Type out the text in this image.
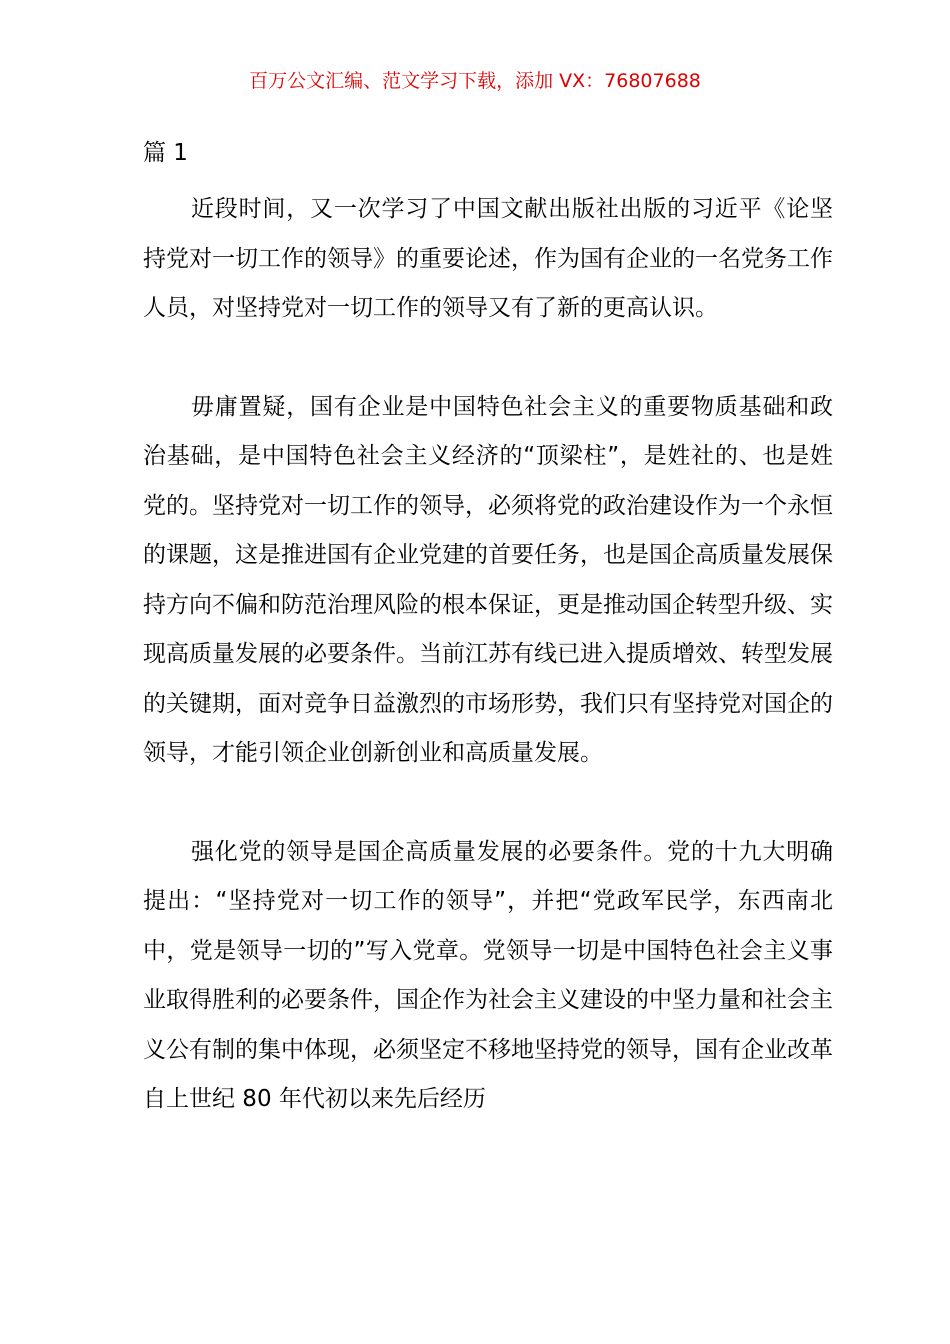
百万公文汇编、范文学习下载，添加 VX：76807688
篇 1

近段时间，又一次学习了中国文献出版社出版的习近平《论坚持党对一切工作的领导》的重要论述，作为国有企业的一名党务工作人员，对坚持党对一切工作的领导又有了新的更高认识。

毋庸置疑，国有企业是中国特色社会主义的重要物质基础和政治基础，是中国特色社会主义经济的“顶梁柱”，是姓社的、也是姓党的。坚持党对一切工作的领导，必须将党的政治建设作为一个永恒的课题，这是推进国有企业党建的首要任务，也是国企高质量发展保持方向不偏和防范治理风险的根本保证，更是推动国企转型升级、实现高质量发展的必要条件。当前江苏有线已进入提质增效、转型发展的关键期，面对竞争日益激烈的市场形势，我们只有坚持党对国企的领导，才能引领企业创新创业和高质量发展。

强化党的领导是国企高质量发展的必要条件。党的十九大明确提出：“坚持党对一切工作的领导”，并把“党政军民学，东西南北中，党是领导一切的”写入党章。党领导一切是中国特色社会主义事业取得胜利的必要条件，国企作为社会主义建设的中坚力量和社会主义公有制的集中体现，必须坚定不移地坚持党的领导，国有企业改革自上世纪 80 年代初以来先后经历
